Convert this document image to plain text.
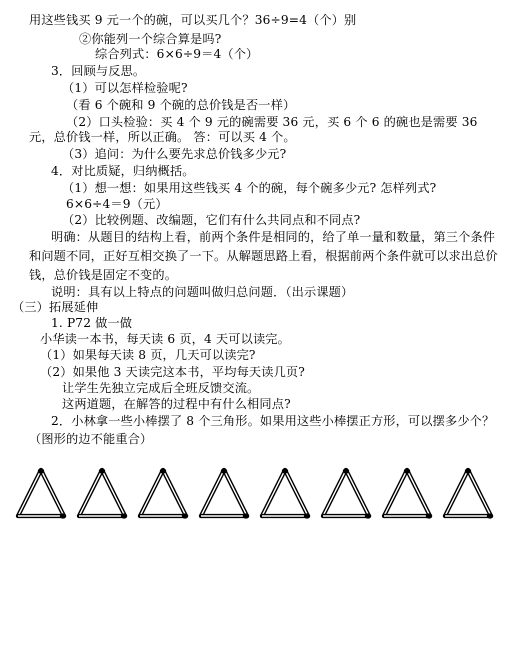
用这些钱买 9 元一个的碗，可以买几个？36÷9=4（个）别
②你能列一个综合算是吗?
综合列式：6×6÷9＝4（个）
3．回顾与反思。
（1）可以怎样检验呢?
（看 6 个碗和 9 个碗的总价钱是否一样）
（2）口头检验：买 4 个 9 元的碗需要 36 元，买 6 个 6 的碗也是需要 36
元，总价钱一样，所以正确。 答：可以买 4 个。
（3）追问：为什么要先求总价钱多少元?
4．对比质疑，归纳概括。
（1）想一想：如果用这些钱买 4 个的碗，每个碗多少元? 怎样列式?
6×6÷4＝9（元）
（2）比较例题、改编题，它们有什么共同点和不同点?
明确：从题目的结构上看，前两个条件是相同的，给了单一量和数量，第三个条件和问题不同，正好互相交换了一下。从解题思路上看，根据前两个条件就可以求出总价钱，总价钱是固定不变的。
说明：具有以上特点的问题叫做归总问题．（出示课题）
（三）拓展延伸
1. P72 做一做
小华读一本书，每天读 6 页，4 天可以读完。
（1）如果每天读 8 页，几天可以读完?
（2）如果他 3 天读完这本书，平均每天读几页?
让学生先独立完成后全班反馈交流。
这两道题，在解答的过程中有什么相同点?
2．小林拿一些小棒摆了 8 个三角形。如果用这些小棒摆正方形，可以摆多少个？（图形的边不能重合）
